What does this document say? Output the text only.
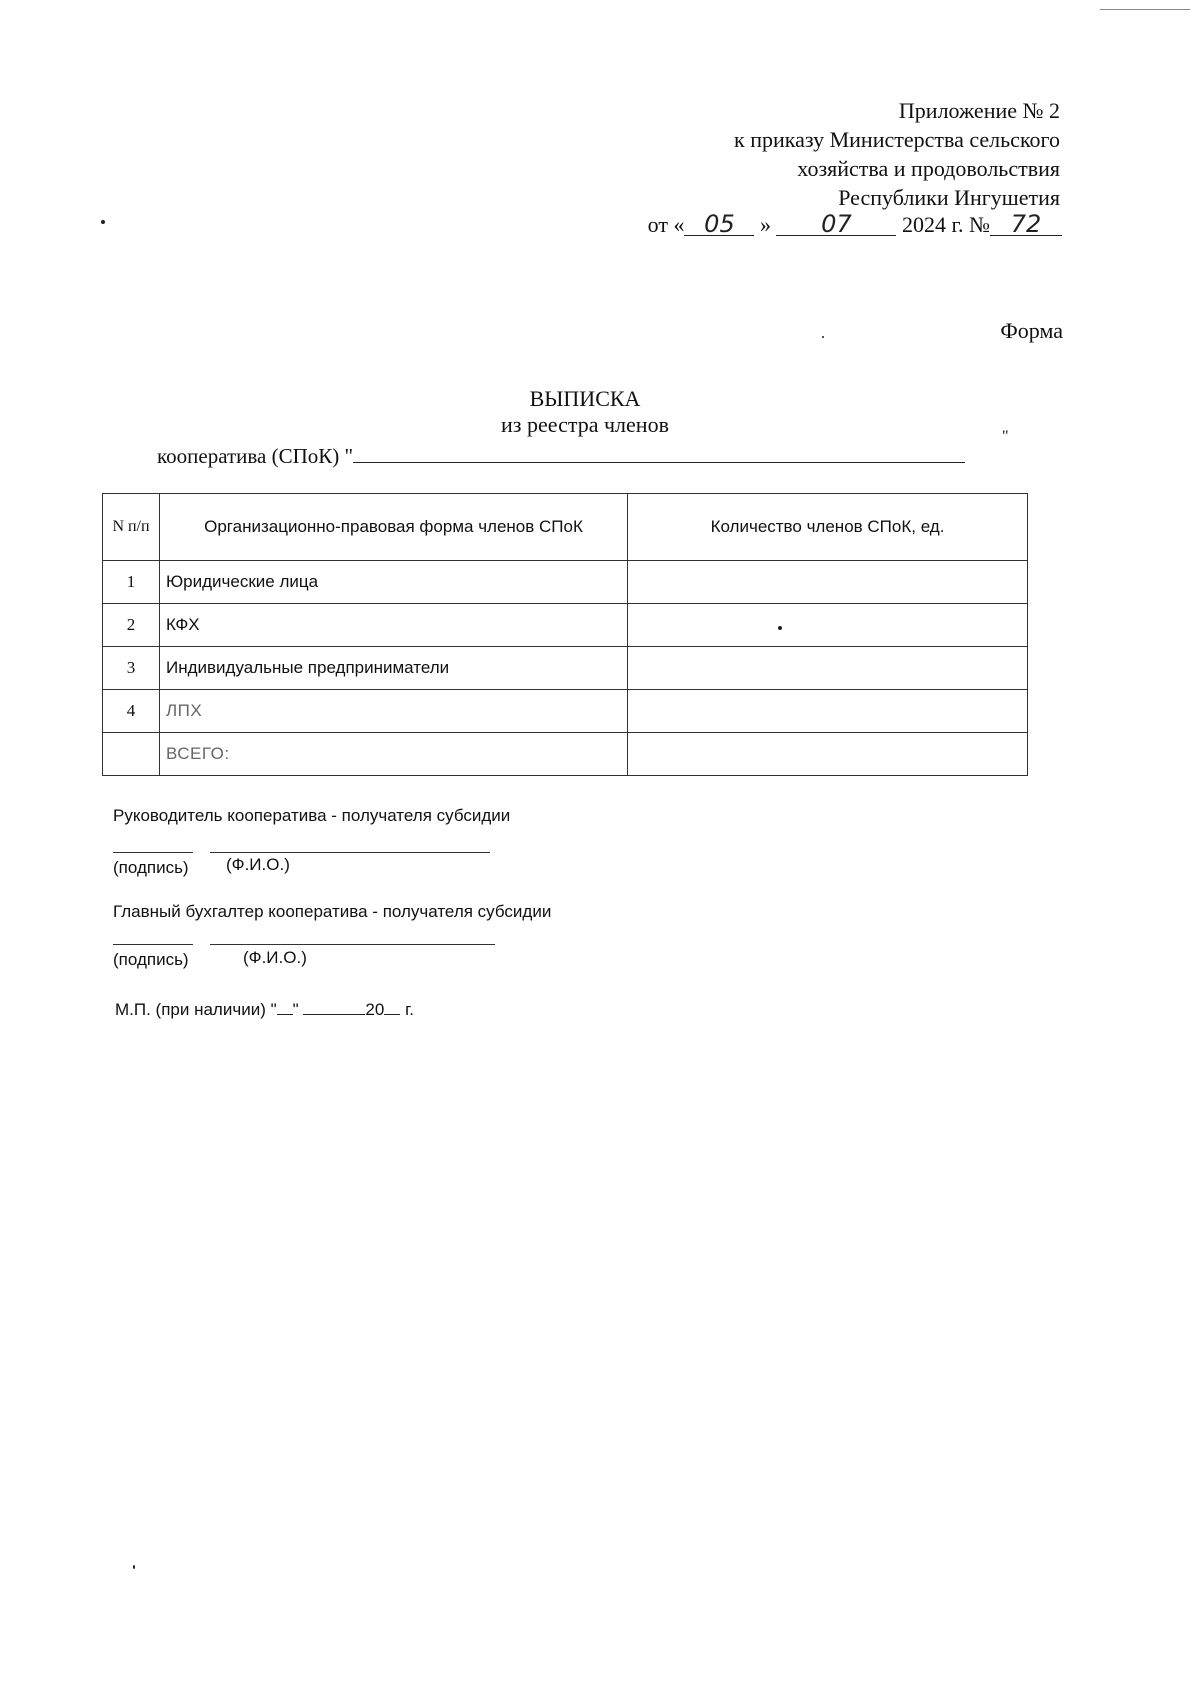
Приложение № 2
к приказу Министерства сельского
хозяйства и продовольствия
Республики Ингушетия
от « 05 » 07 2024 г. № 72
Форма
ВЫПИСКА
из реестра членов
кооператива (СПоК) "
"
N п/п	Организационно-правовая форма членов СПоК	Количество членов СПоК, ед.
1	Юридические лица	
2	КФХ	
3	Индивидуальные предприниматели	
4	ЛПХ	
	ВСЕГО:	
Руководитель кооператива - получателя субсидии
(подпись) (Ф.И.О.)
Главный бухгалтер кооператива - получателя субсидии
(подпись)	(Ф.И.О.)
М.П. (при наличии) " "	20 г.
